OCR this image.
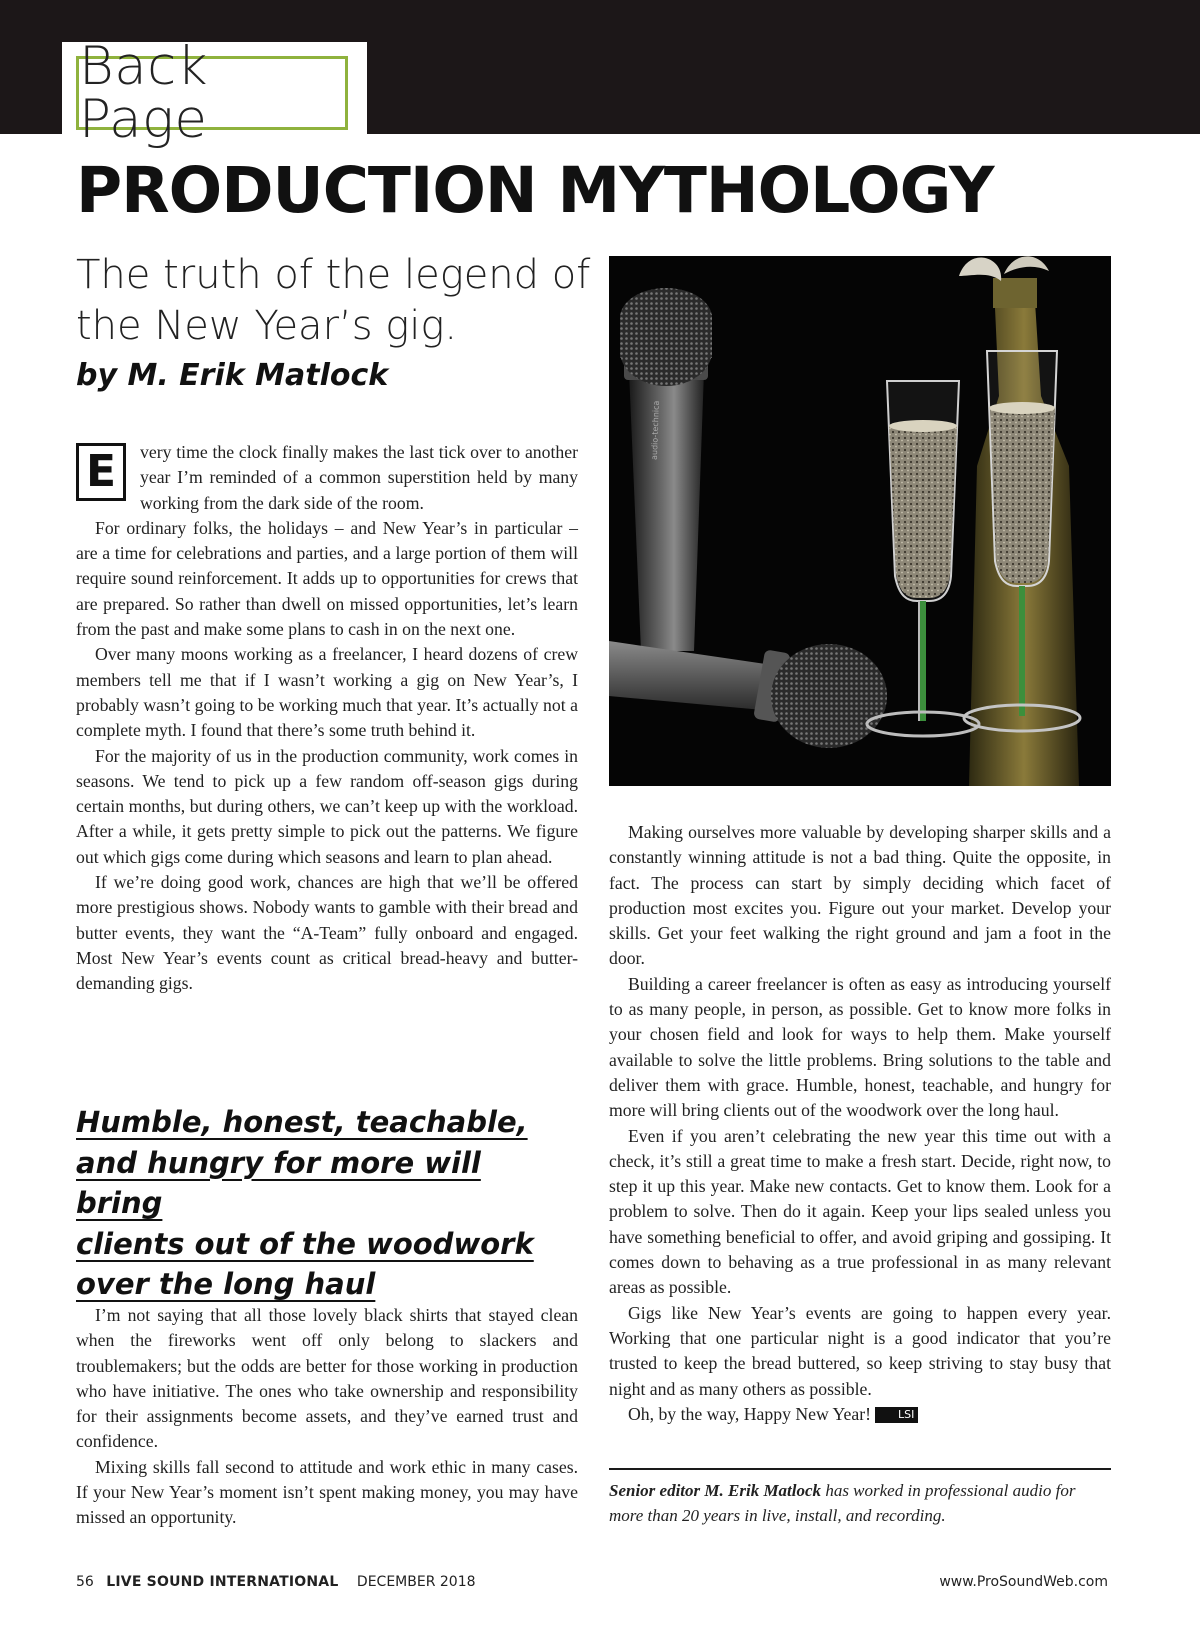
Back Page
PRODUCTION MYTHOLOGY
The truth of the legend of
the New Year’s gig.
by M. Erik Matlock

E	very time the clock finally makes the last tick over to another year I’m reminded of a common superstition held by many working from the dark side of the room.

For ordinary folks, the holidays – and New Year’s in particular – are a time for celebrations and parties, and a large portion of them will require sound reinforcement. It adds up to opportunities for crews that are prepared. So rather than dwell on missed opportunities, let’s learn from the past and make some plans to cash in on the next one.

Over many moons working as a freelancer, I heard dozens of crew members tell me that if I wasn’t working a gig on New Year’s, I probably wasn’t going to be working much that year. It’s actually not a complete myth. I found that there’s some truth behind it.

For the majority of us in the production community, work comes in seasons. We tend to pick up a few random off-season gigs during certain months, but during others, we can’t keep up with the workload. After a while, it gets pretty simple to pick out the patterns. We figure out which gigs come during which seasons and learn to plan ahead.

If we’re doing good work, chances are high that we’ll be offered more prestigious shows. Nobody wants to gamble with their bread and butter events, they want the “A-Team” fully onboard and engaged. Most New Year’s events count as critical bread-heavy and butter-demanding gigs.

Humble, honest, teachable,
and hungry for more will bring
clients out of the woodwork
over the long haul

I’m not saying that all those lovely black shirts that stayed clean when the fireworks went off only belong to slackers and troublemakers; but the odds are better for those working in production who have initiative. The ones who take ownership and responsibility for their assignments become assets, and they’ve earned trust and confidence.

Mixing skills fall second to attitude and work ethic in many cases. If your New Year’s moment isn’t spent making money, you may have missed an opportunity.

audio-technica

Making ourselves more valuable by developing sharper skills and a constantly winning attitude is not a bad thing. Quite the opposite, in fact. The process can start by simply deciding which facet of production most excites you. Figure out your market. Develop your skills. Get your feet walking the right ground and jam a foot in the door.

Building a career freelancer is often as easy as introducing yourself to as many people, in person, as possible. Get to know more folks in your chosen field and look for ways to help them. Make yourself available to solve the little problems. Bring solutions to the table and deliver them with grace. Humble, honest, teachable, and hungry for more will bring clients out of the woodwork over the long haul.

Even if you aren’t celebrating the new year this time out with a check, it’s still a great time to make a fresh start. Decide, right now, to step it up this year. Make new contacts. Get to know them. Look for a problem to solve. Then do it again. Keep your lips sealed unless you have something beneficial to offer, and avoid griping and gossiping. It comes down to behaving as a true professional in as many relevant areas as possible.

Gigs like New Year’s events are going to happen every year. Working that one particular night is a good indicator that you’re trusted to keep the bread buttered, so keep striving to stay busy that night and as many others as possible.

Oh, by the way, Happy New Year! LSI

Senior editor M. Erik Matlock has worked in professional audio for more than 20 years in live, install, and recording.
56 LIVE SOUND INTERNATIONAL DECEMBER 2018	www.ProSoundWeb.com
